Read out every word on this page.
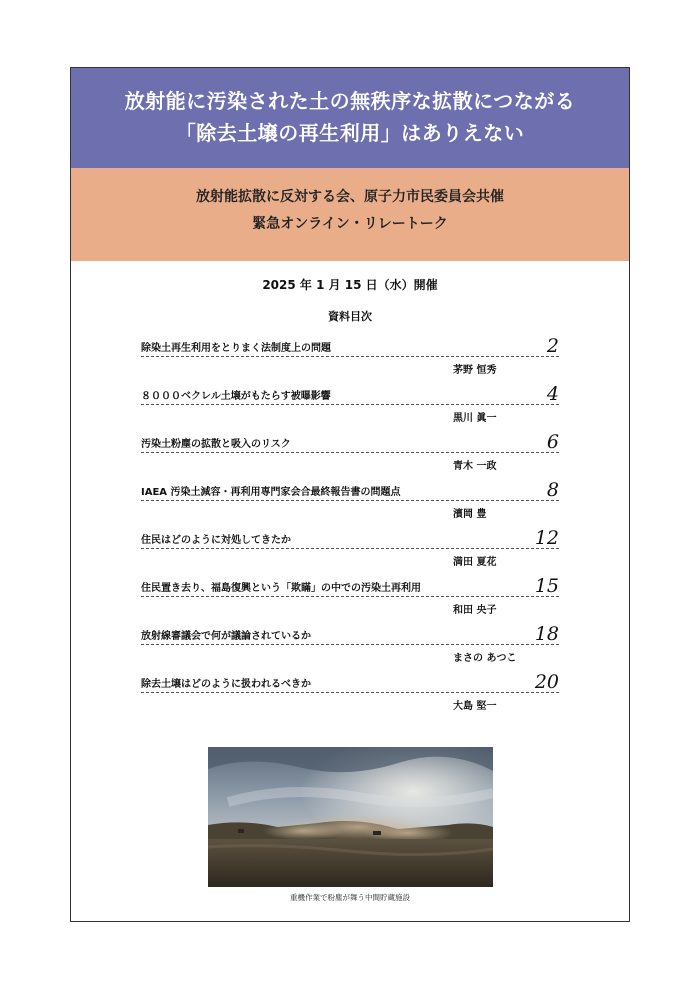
放射能に汚染された土の無秩序な拡散につながる
「除去土壌の再生利用」はありえない
放射能拡散に反対する会、原子力市民委員会共催
緊急オンライン・リレートーク
2025 年 1 月 15 日（水）開催
資料目次
除染土再生利用をとりまく法制度上の問題	2
茅野 恒秀
８０００ベクレル土壌がもたらす被曝影響	4
黒川 眞一
汚染土粉塵の拡散と吸入のリスク	6
青木 一政
IAEA 汚染土減容・再利用専門家会合最終報告書の問題点	8
濱岡 豊
住民はどのように対処してきたか	12
満田 夏花
住民置き去り、福島復興という「欺瞞」の中での汚染土再利用	15
和田 央子
放射線審議会で何が議論されているか	18
まさの あつこ
除去土壌はどのように扱われるべきか	20
大島 堅一
重機作業で粉塵が舞う中間貯蔵施設
